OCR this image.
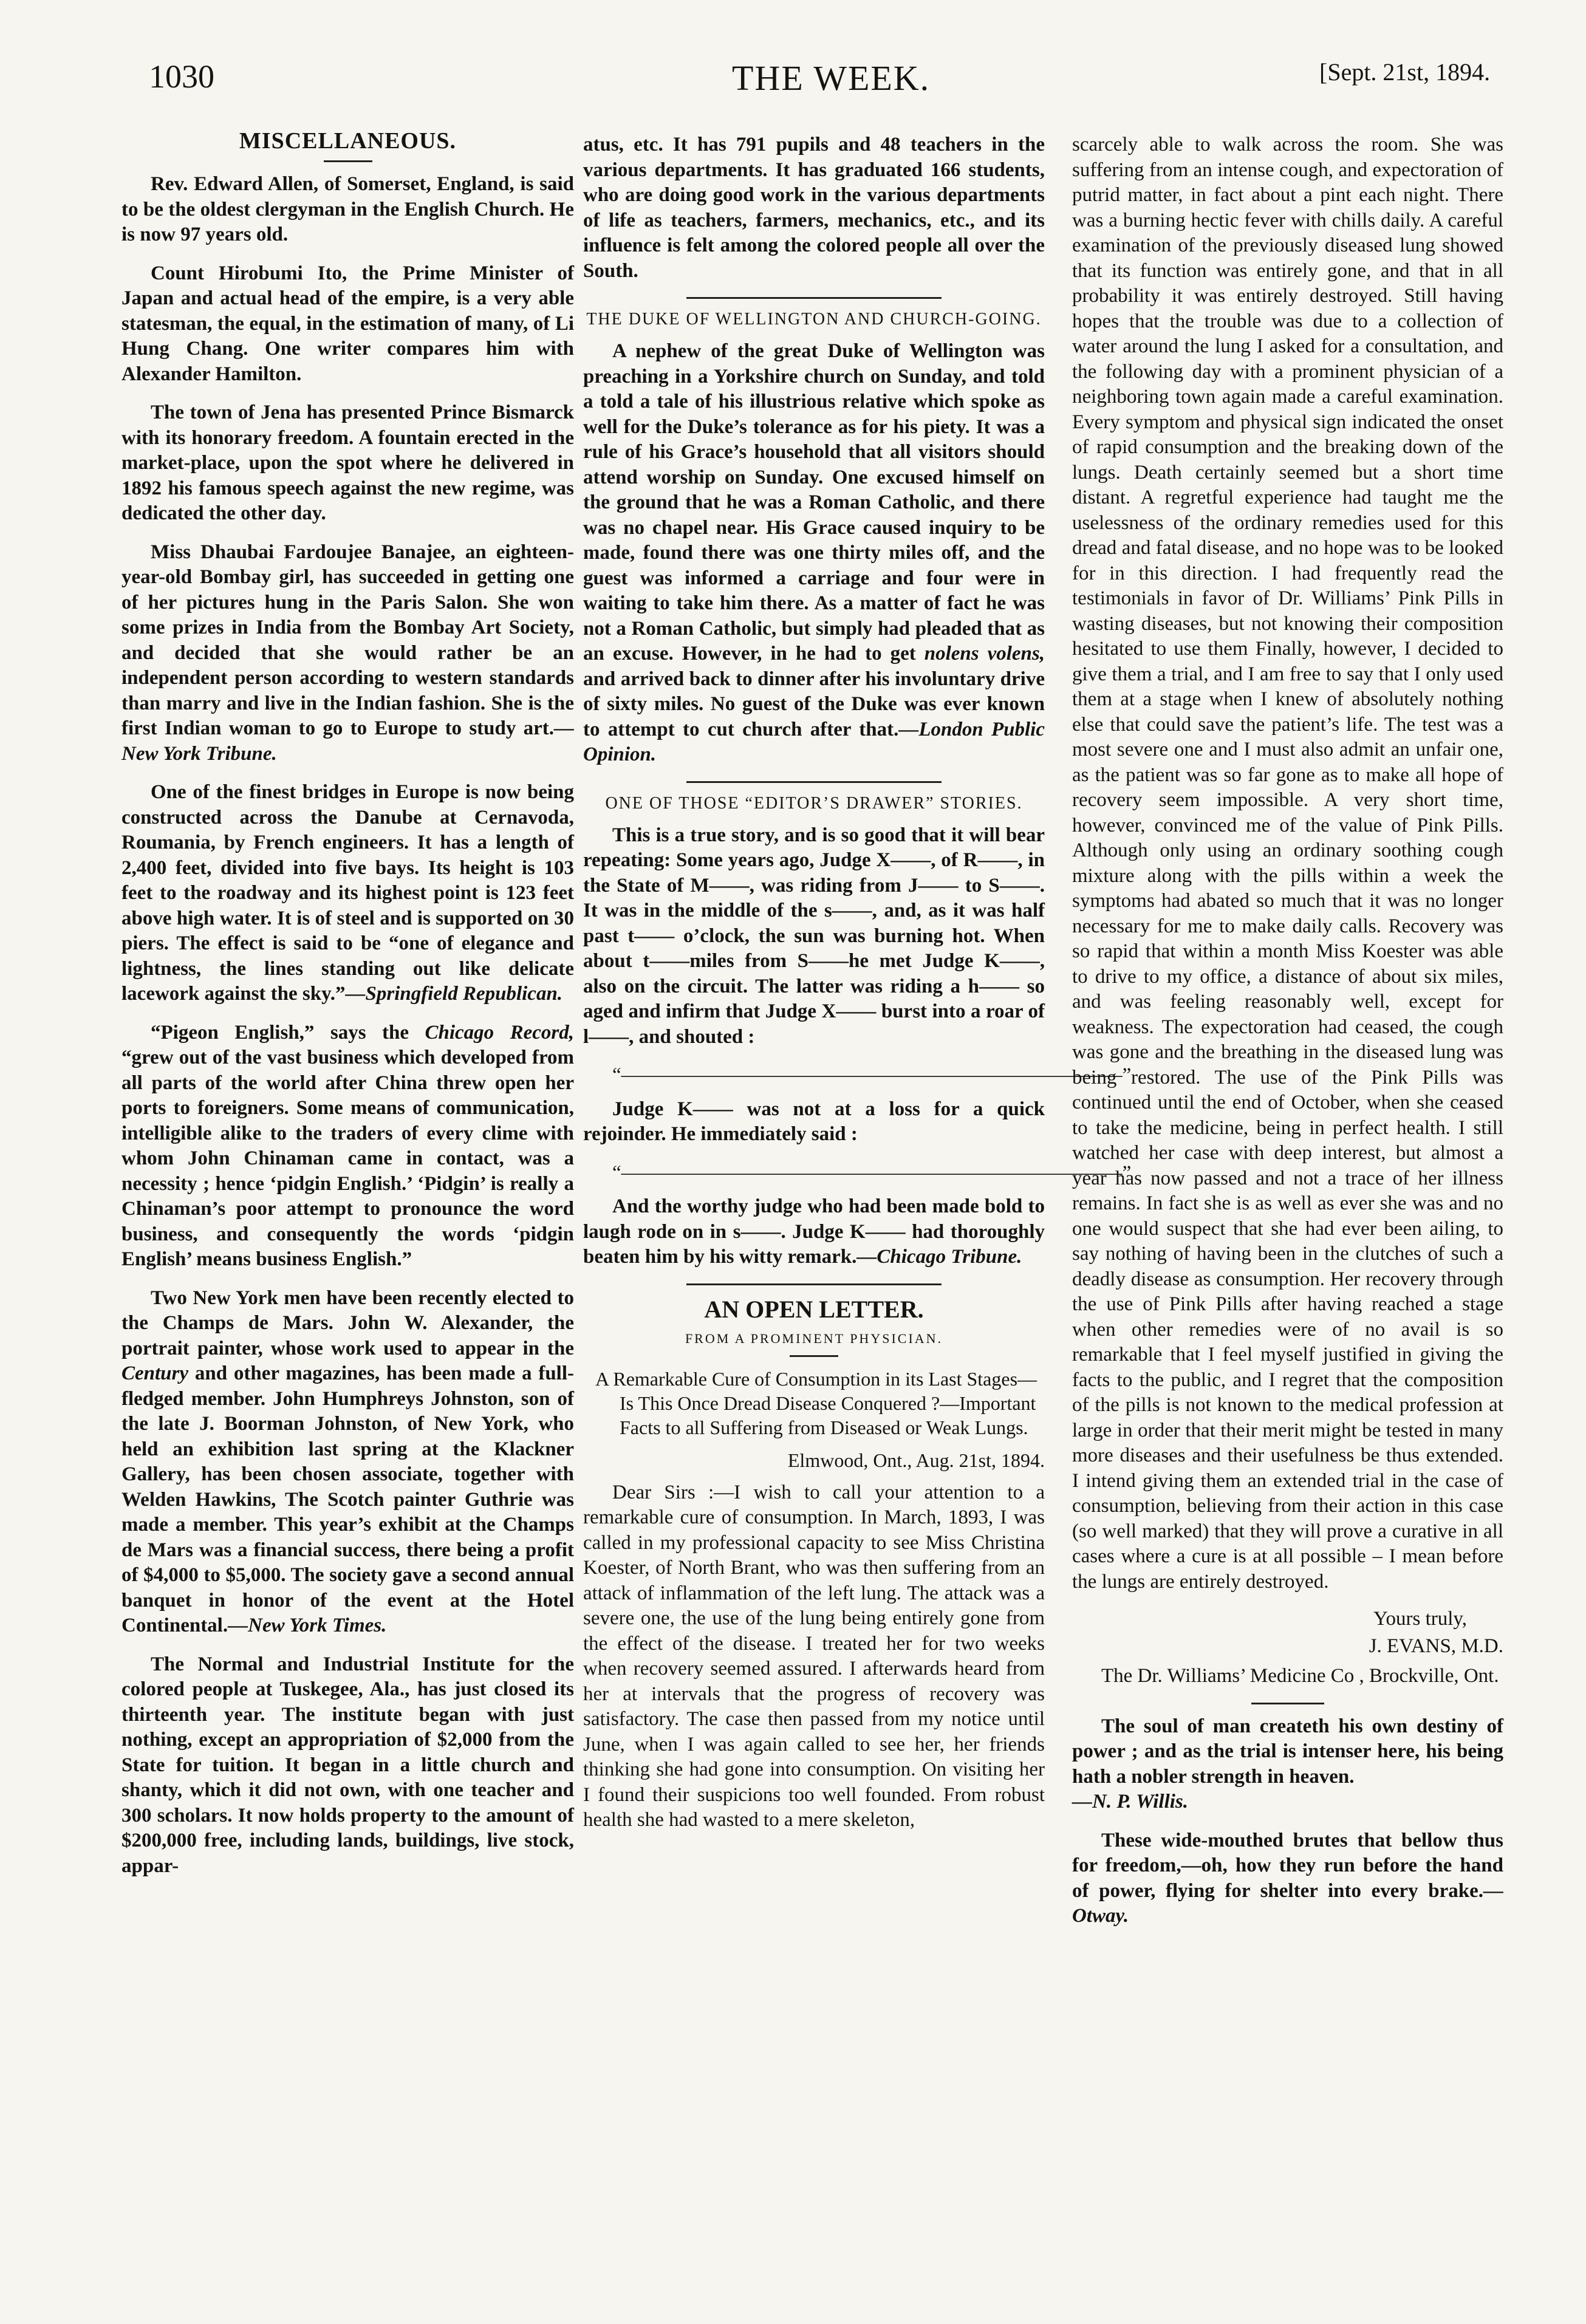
1030	THE WEEK.	[Sept. 21st, 1894.
MISCELLANEOUS.

Rev. Edward Allen, of Somerset, England, is said to be the oldest clergyman in the English Church. He is now 97 years old.

Count Hirobumi Ito, the Prime Minister of Japan and actual head of the empire, is a very able statesman, the equal, in the estimation of many, of Li Hung Chang. One writer compares him with Alexander Hamilton.

The town of Jena has presented Prince Bismarck with its honorary freedom. A fountain erected in the market-place, upon the spot where he delivered in 1892 his famous speech against the new regime, was dedicated the other day.

Miss Dhaubai Fardoujee Banajee, an eighteen-year-old Bombay girl, has succeeded in getting one of her pictures hung in the Paris Salon. She won some prizes in India from the Bombay Art Society, and decided that she would rather be an independent person according to western standards than marry and live in the Indian fashion. She is the first Indian woman to go to Europe to study art.—New York Tribune.

One of the finest bridges in Europe is now being constructed across the Danube at Cernavoda, Roumania, by French engineers. It has a length of 2,400 feet, divided into five bays. Its height is 103 feet to the roadway and its highest point is 123 feet above high water. It is of steel and is supported on 30 piers. The effect is said to be “one of elegance and lightness, the lines standing out like delicate lacework against the sky.”—Springfield Republican.

“Pigeon English,” says the Chicago Record, “grew out of the vast business which developed from all parts of the world after China threw open her ports to foreigners. Some means of communication, intelligible alike to the traders of every clime with whom John Chinaman came in contact, was a necessity ; hence ‘pidgin English.’ ‘Pidgin’ is really a Chinaman’s poor attempt to pronounce the word business, and consequently the words ‘pidgin English’ means business English.”

Two New York men have been recently elected to the Champs de Mars. John W. Alexander, the portrait painter, whose work used to appear in the Century and other magazines, has been made a full-fledged member. John Humphreys Johnston, son of the late J. Boorman Johnston, of New York, who held an exhibition last spring at the Klackner Gallery, has been chosen associate, together with Welden Hawkins, The Scotch painter Guthrie was made a member. This year’s exhibit at the Champs de Mars was a financial success, there being a profit of $4,000 to $5,000. The society gave a second annual banquet in honor of the event at the Hotel Continental.—New York Times.

The Normal and Industrial Institute for the colored people at Tuskegee, Ala., has just closed its thirteenth year. The institute began with just nothing, except an appropriation of $2,000 from the State for tuition. It began in a little church and shanty, which it did not own, with one teacher and 300 scholars. It now holds property to the amount of $200,000 free, including lands, buildings, live stock, appar-

atus, etc. It has 791 pupils and 48 teachers in the various departments. It has graduated 166 students, who are doing good work in the various departments of life as teachers, farmers, mechanics, etc., and its influence is felt among the colored people all over the South.

THE DUKE OF WELLINGTON AND CHURCH-GOING.

A nephew of the great Duke of Wellington was preaching in a Yorkshire church on Sunday, and told a told a tale of his illustrious relative which spoke as well for the Duke’s tolerance as for his piety. It was a rule of his Grace’s household that all visitors should attend worship on Sunday. One excused himself on the ground that he was a Roman Catholic, and there was no chapel near. His Grace caused inquiry to be made, found there was one thirty miles off, and the guest was informed a carriage and four were in waiting to take him there. As a matter of fact he was not a Roman Catholic, but simply had pleaded that as an excuse. However, in he had to get nolens volens, and arrived back to dinner after his involuntary drive of sixty miles. No guest of the Duke was ever known to attempt to cut church after that.—London Public Opinion.

ONE OF THOSE “EDITOR’S DRAWER” STORIES.

This is a true story, and is so good that it will bear repeating: Some years ago, Judge X——, of R——, in the State of M——, was riding from J—— to S——. It was in the middle of the s——, and, as it was half past t—— o’clock, the sun was burning hot. When about t——miles from S——he met Judge K——, also on the circuit. The latter was riding a h—— so aged and infirm that Judge X—— burst into a roar of l——, and shouted :

“—————————————————————————”

Judge K—— was not at a loss for a quick rejoinder. He immediately said :

“—————————————————————————”

And the worthy judge who had been made bold to laugh rode on in s——. Judge K—— had thoroughly beaten him by his witty remark.—Chicago Tribune.

AN OPEN LETTER.
FROM A PROMINENT PHYSICIAN.
A Remarkable Cure of Consumption in its Last Stages—Is This Once Dread Disease Conquered ?—Important Facts to all Suffering from Diseased or Weak Lungs.
Elmwood, Ont., Aug. 21st, 1894.

Dear Sirs :—I wish to call your attention to a remarkable cure of consumption. In March, 1893, I was called in my professional capacity to see Miss Christina Koester, of North Brant, who was then suffering from an attack of inflammation of the left lung. The attack was a severe one, the use of the lung being entirely gone from the effect of the disease. I treated her for two weeks when recovery seemed assured. I afterwards heard from her at intervals that the progress of recovery was satisfactory. The case then passed from my notice until June, when I was again called to see her, her friends thinking she had gone into consumption. On visiting her I found their suspicions too well founded. From robust health she had wasted to a mere skeleton,

scarcely able to walk across the room. She was suffering from an intense cough, and expectoration of putrid matter, in fact about a pint each night. There was a burning hectic fever with chills daily. A careful examination of the previously diseased lung showed that its function was entirely gone, and that in all probability it was entirely destroyed. Still having hopes that the trouble was due to a collection of water around the lung I asked for a consultation, and the following day with a prominent physician of a neighboring town again made a careful examination. Every symptom and physical sign indicated the onset of rapid consumption and the breaking down of the lungs. Death certainly seemed but a short time distant. A regretful experience had taught me the uselessness of the ordinary remedies used for this dread and fatal disease, and no hope was to be looked for in this direction. I had frequently read the testimonials in favor of Dr. Williams’ Pink Pills in wasting diseases, but not knowing their composition hesitated to use them Finally, however, I decided to give them a trial, and I am free to say that I only used them at a stage when I knew of absolutely nothing else that could save the patient’s life. The test was a most severe one and I must also admit an unfair one, as the patient was so far gone as to make all hope of recovery seem impossible. A very short time, however, convinced me of the value of Pink Pills. Although only using an ordinary soothing cough mixture along with the pills within a week the symptoms had abated so much that it was no longer necessary for me to make daily calls. Recovery was so rapid that within a month Miss Koester was able to drive to my office, a distance of about six miles, and was feeling reasonably well, except for weakness. The expectoration had ceased, the cough was gone and the breathing in the diseased lung was being restored. The use of the Pink Pills was continued until the end of October, when she ceased to take the medicine, being in perfect health. I still watched her case with deep interest, but almost a year has now passed and not a trace of her illness remains. In fact she is as well as ever she was and no one would suspect that she had ever been ailing, to say nothing of having been in the clutches of such a deadly disease as consumption. Her recovery through the use of Pink Pills after having reached a stage when other remedies were of no avail is so remarkable that I feel myself justified in giving the facts to the public, and I regret that the composition of the pills is not known to the medical profession at large in order that their merit might be tested in many more diseases and their usefulness be thus extended. I intend giving them an extended trial in the case of consumption, believing from their action in this case (so well marked) that they will prove a curative in all cases where a cure is at all possible – I mean before the lungs are entirely destroyed.

Yours truly,
J. EVANS, M.D.

The Dr. Williams’ Medicine Co , Brockville, Ont.

The soul of man createth his own destiny of power ; and as the trial is intenser here, his being hath a nobler strength in heaven.
—N. P. Willis.

These wide-mouthed brutes that bellow thus for freedom,—oh, how they run before the hand of power, flying for shelter into every brake.—Otway.
